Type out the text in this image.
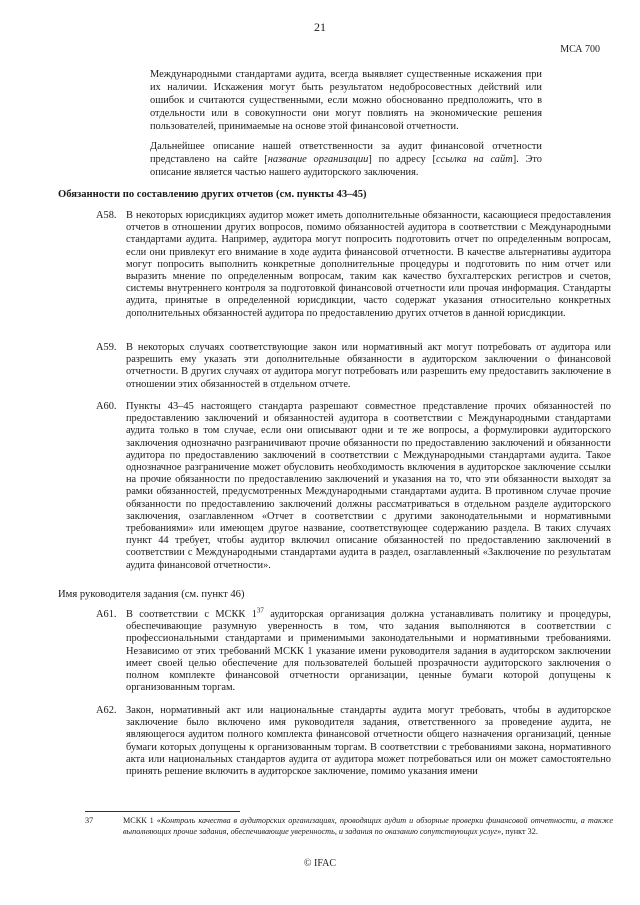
21
МСА 700

Международными стандартами аудита, всегда выявляет существенные искажения при их наличии. Искажения могут быть результатом недобросовестных действий или ошибок и считаются существенными, если можно обоснованно предположить, что в отдельности или в совокупности они могут повлиять на экономические решения пользователей, принимаемые на основе этой финансовой отчетности.

Дальнейшее описание нашей ответственности за аудит финансовой отчетности представлено на сайте [название организации] по адресу [ссылка на сайт]. Это описание является частью нашего аудиторского заключения.

Обязанности по составлению других отчетов (см. пункты 43–45)
A58. В некоторых юрисдикциях аудитор может иметь дополнительные обязанности, касающиеся предоставления отчетов в отношении других вопросов, помимо обязанностей аудитора в соответствии с Международными стандартами аудита. Например, аудитора могут попросить подготовить отчет по определенным вопросам, если они привлекут его внимание в ходе аудита финансовой отчетности. В качестве альтернативы аудитора могут попросить выполнить конкретные дополнительные процедуры и подготовить по ним отчет или выразить мнение по определенным вопросам, таким как качество бухгалтерских регистров и счетов, системы внутреннего контроля за подготовкой финансовой отчетности или прочая информация. Стандарты аудита, принятые в определенной юрисдикции, часто содержат указания относительно конкретных дополнительных обязанностей аудитора по предоставлению других отчетов в данной юрисдикции.

A59. В некоторых случаях соответствующие закон или нормативный акт могут потребовать от аудитора или разрешить ему указать эти дополнительные обязанности в аудиторском заключении о финансовой отчетности. В других случаях от аудитора могут потребовать или разрешить ему предоставить заключение в отношении этих обязанностей в отдельном отчете.

A60. Пункты 43–45 настоящего стандарта разрешают совместное представление прочих обязанностей по предоставлению заключений и обязанностей аудитора в соответствии с Международными стандартами аудита только в том случае, если они описывают одни и те же вопросы, а формулировки аудиторского заключения однозначно разграничивают прочие обязанности по предоставлению заключений и обязанности аудитора по предоставлению заключений в соответствии с Международными стандартами аудита. Такое однозначное разграничение может обусловить необходимость включения в аудиторское заключение ссылки на прочие обязанности по предоставлению заключений и указания на то, что эти обязанности выходят за рамки обязанностей, предусмотренных Международными стандартами аудита. В противном случае прочие обязанности по предоставлению заключений должны рассматриваться в отдельном разделе аудиторского заключения, озаглавленном «Отчет в соответствии с другими законодательными и нормативными требованиями» или имеющем другое название, соответствующее содержанию раздела. В таких случаях пункт 44 требует, чтобы аудитор включил описание обязанностей по предоставлению заключений в соответствии с Международными стандартами аудита в раздел, озаглавленный «Заключение по результатам аудита финансовой отчетности».

Имя руководителя задания (см. пункт 46)
A61. В соответствии с МСКК $1^{37}$ аудиторская организация должна устанавливать политику и процедуры, обеспечивающие разумную уверенность в том, что задания выполняются в соответствии с профессиональными стандартами и применимыми законодательными и нормативными требованиями. Независимо от этих требований МСКК 1 указание имени руководителя задания в аудиторском заключении имеет своей целью обеспечение для пользователей большей прозрачности аудиторского заключения о полном комплекте финансовой отчетности организации, ценные бумаги которой допущены к организованным торгам.

A62. Закон, нормативный акт или национальные стандарты аудита могут требовать, чтобы в аудиторское заключение было включено имя руководителя задания, ответственного за проведение аудита, не являющегося аудитом полного комплекта финансовой отчетности общего назначения организаций, ценные бумаги которых допущены к организованным торгам. В соответствии с требованиями закона, нормативного акта или национальных стандартов аудита от аудитора может потребоваться или он может самостоятельно принять решение включить в аудиторское заключение, помимо указания имени

37	МСКК 1 «Контроль качества в аудиторских организациях, проводящих аудит и обзорные проверки финансовой отчетности, а также выполняющих прочие задания, обеспечивающие уверенность, и задания по оказанию сопутствующих услуг», пункт 32.

© IFAC
